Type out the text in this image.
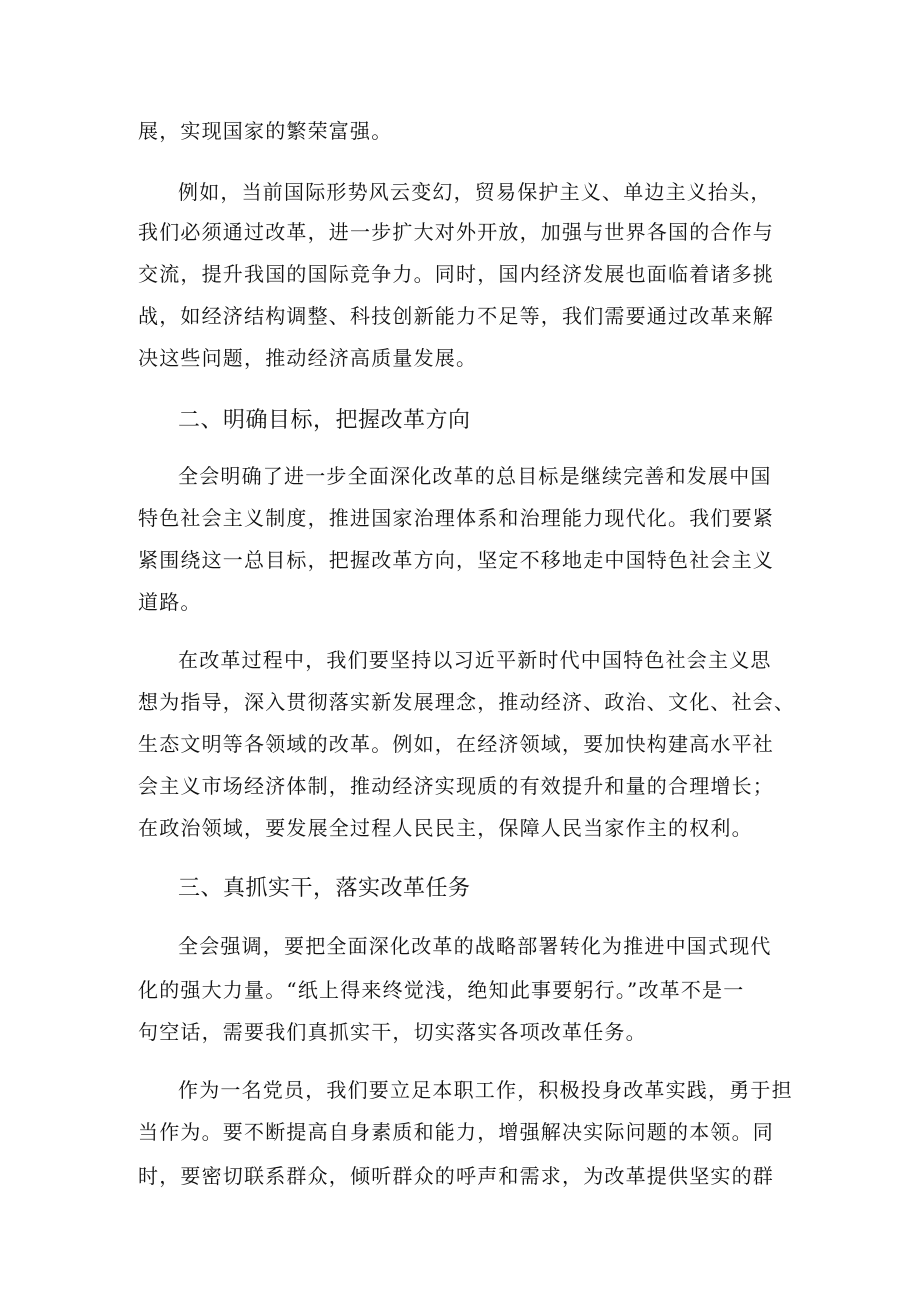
展，实现国家的繁荣富强。
例如，当前国际形势风云变幻，贸易保护主义、单边主义抬头，
我们必须通过改革，进一步扩大对外开放，加强与世界各国的合作与
交流，提升我国的国际竞争力。同时，国内经济发展也面临着诸多挑
战，如经济结构调整、科技创新能力不足等，我们需要通过改革来解
决这些问题，推动经济高质量发展。
二、明确目标，把握改革方向
全会明确了进一步全面深化改革的总目标是继续完善和发展中国
特色社会主义制度，推进国家治理体系和治理能力现代化。我们要紧
紧围绕这一总目标，把握改革方向，坚定不移地走中国特色社会主义
道路。
在改革过程中，我们要坚持以习近平新时代中国特色社会主义思
想为指导，深入贯彻落实新发展理念，推动经济、政治、文化、社会、
生态文明等各领域的改革。例如，在经济领域，要加快构建高水平社
会主义市场经济体制，推动经济实现质的有效提升和量的合理增长；
在政治领域，要发展全过程人民民主，保障人民当家作主的权利。
三、真抓实干，落实改革任务
全会强调，要把全面深化改革的战略部署转化为推进中国式现代
化的强大力量。“纸上得来终觉浅，绝知此事要躬行。”改革不是一
句空话，需要我们真抓实干，切实落实各项改革任务。
作为一名党员，我们要立足本职工作，积极投身改革实践，勇于担
当作为。要不断提高自身素质和能力，增强解决实际问题的本领。同
时，要密切联系群众，倾听群众的呼声和需求，为改革提供坚实的群
